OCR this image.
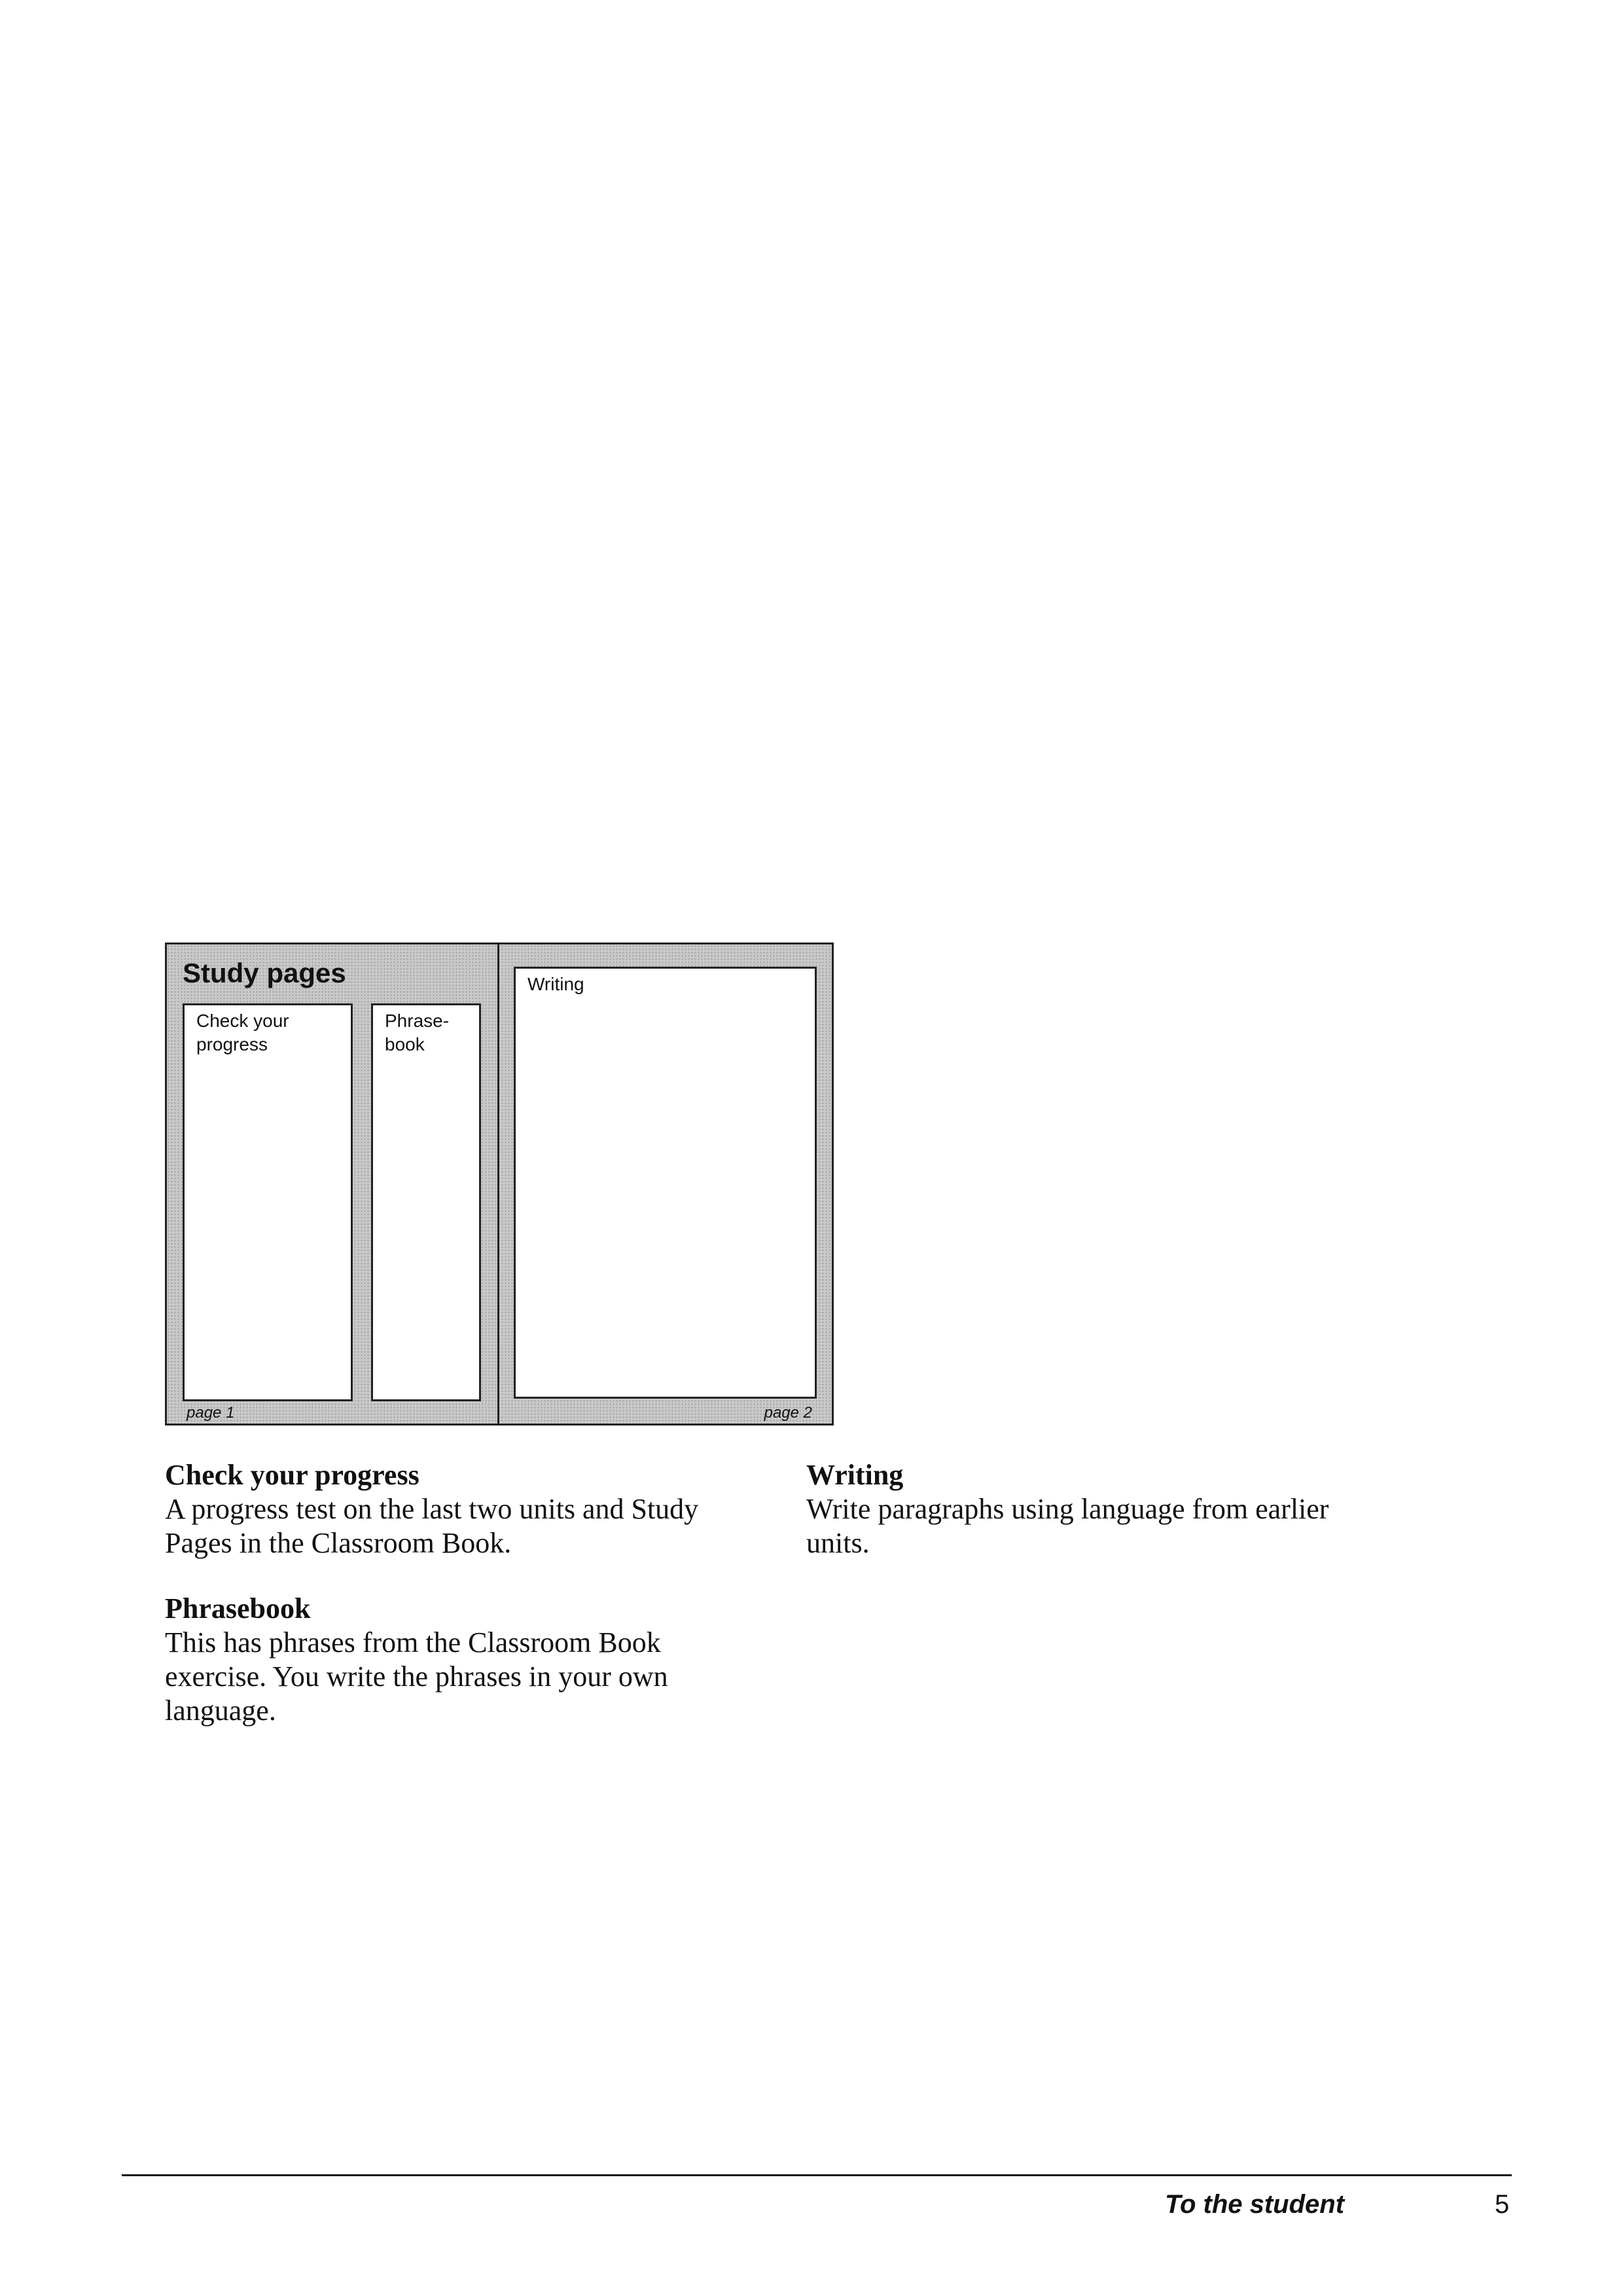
Study pages
Check your
progress
Phrase-
book
Writing
page 1	page 2
Check your progress

A progress test on the last two units and Study

Pages in the Classroom Book.

Phrasebook

This has phrases from the Classroom Book

exercise. You write the phrases in your own

language.

Writing

Write paragraphs using language from earlier

units.

To the student	5
